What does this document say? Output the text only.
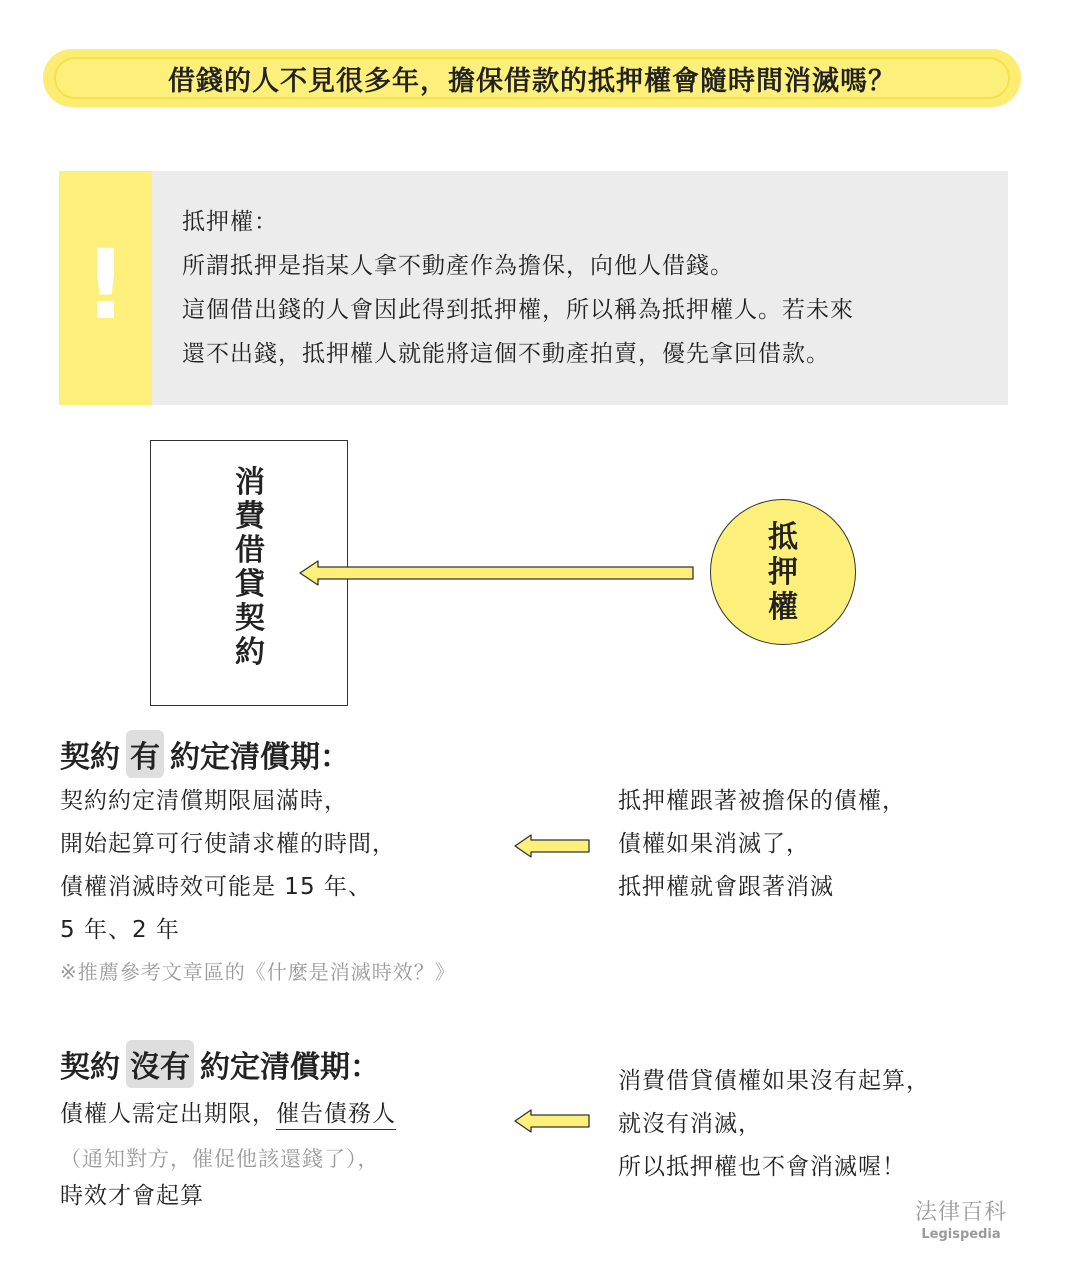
借錢的人不見很多年，擔保借款的抵押權會隨時間消滅嗎？
!
抵押權：
所謂抵押是指某人拿不動產作為擔保，向他人借錢。
這個借出錢的人會因此得到抵押權，所以稱為抵押權人。若未來
還不出錢，抵押權人就能將這個不動產拍賣，優先拿回借款。
消
費
借
貸
契
約
抵
押
權
契約 有 約定清償期：
契約約定清償期限屆滿時，
開始起算可行使請求權的時間，
債權消滅時效可能是 15 年、
5 年、2 年
※推薦參考文章區的《什麼是消滅時效？》
抵押權跟著被擔保的債權，
債權如果消滅了，
抵押權就會跟著消滅
契約 沒有 約定清償期：
債權人需定出期限，催告債務人
（通知對方，催促他該還錢了），
時效才會起算
消費借貸債權如果沒有起算，
就沒有消滅，
所以抵押權也不會消滅喔！
法律百科
Legispedia
